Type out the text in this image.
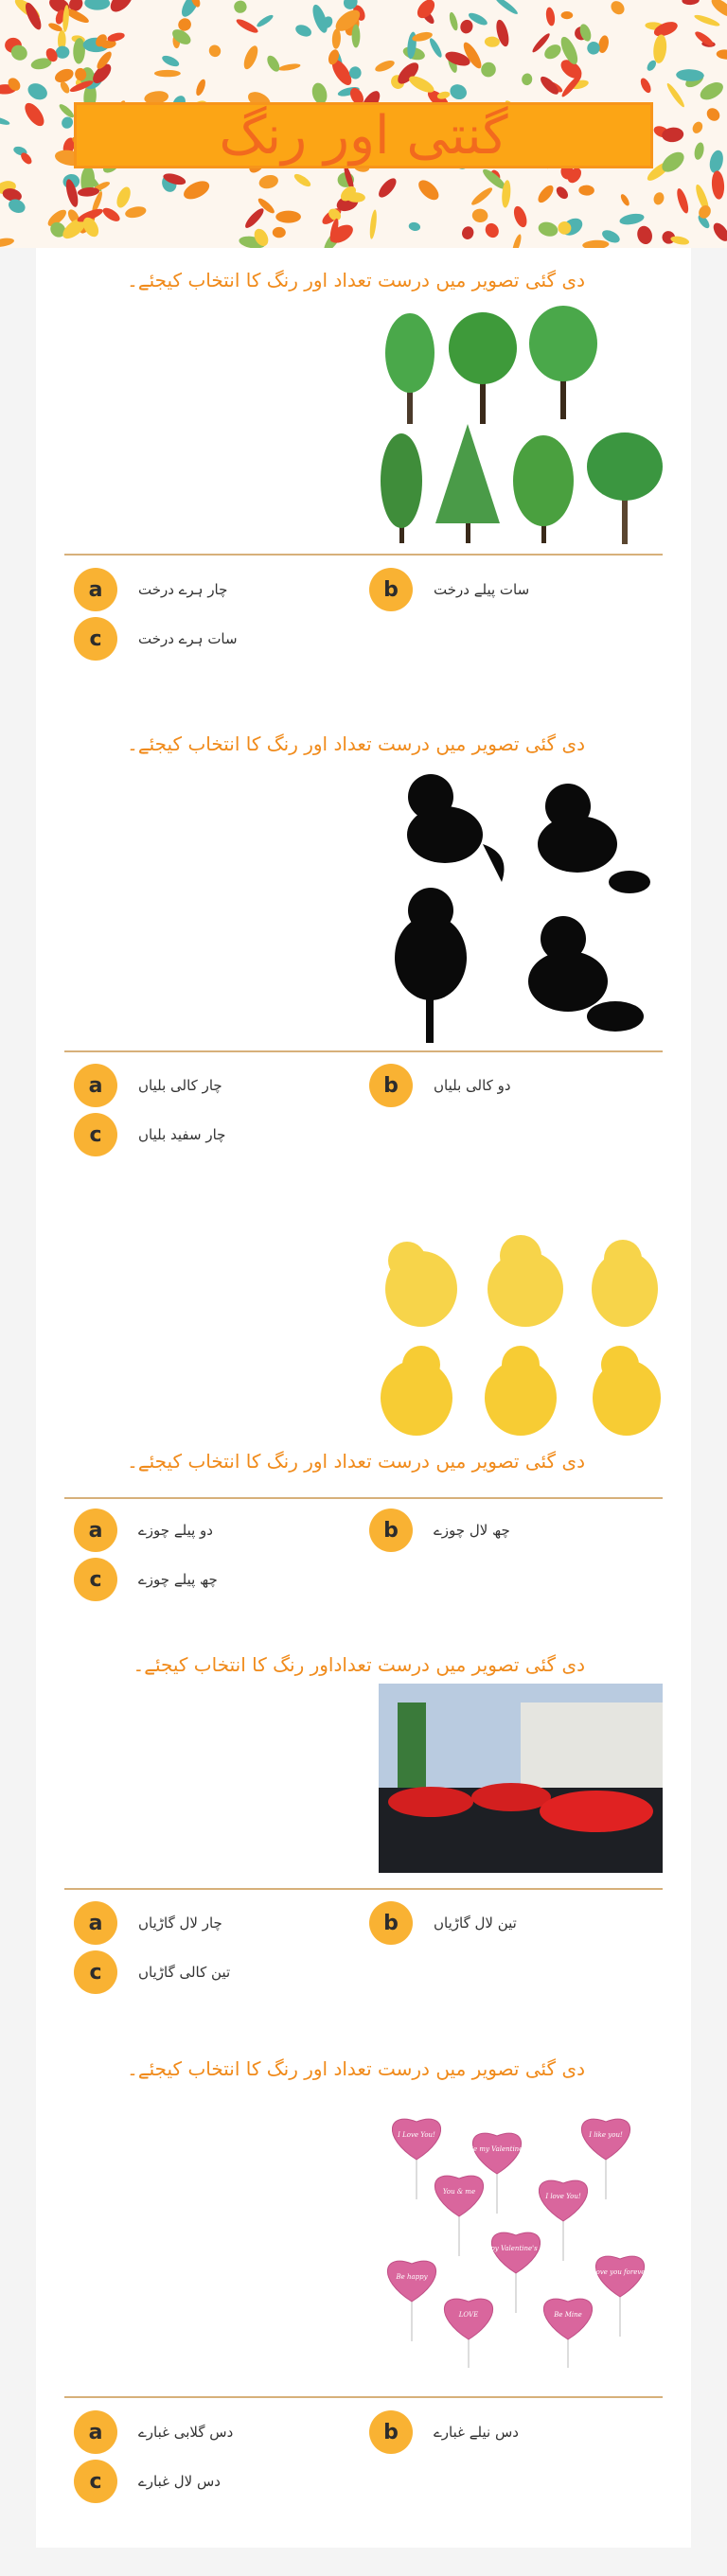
گنتی اور رنگ
دی گئی تصویر میں درست تعداد اور رنگ کا انتخاب کیجئے۔
a	چار ہرے درخت	b	سات پیلے درخت
c	سات ہرے درخت
دی گئی تصویر میں درست تعداد اور رنگ کا انتخاب کیجئے۔
a	چار کالی بلیاں	b	دو کالی بلیاں
c	چار سفید بلیاں
دی گئی تصویر میں درست تعداد اور رنگ کا انتخاب کیجئے۔
a	دو پیلے چوزے	b	چھ لال چوزے
c	چھ پیلے چوزے
دی گئی تصویر میں درست تعداداور رنگ کا انتخاب کیجئے۔
a	چار لال گاڑیاں	b	تین لال گاڑیاں
c	تین کالی گاڑیاں
دی گئی تصویر میں درست تعداد اور رنگ کا انتخاب کیجئے۔
I Love You!
Be my Valentine!
I like you!
You & me
I love You!
Happy Valentine's Day!
Be happy
I love you forever!
LOVE	Be Mine
a	دس گلابی غبارے	b	دس نیلے غبارے
c	دس لال غبارے
